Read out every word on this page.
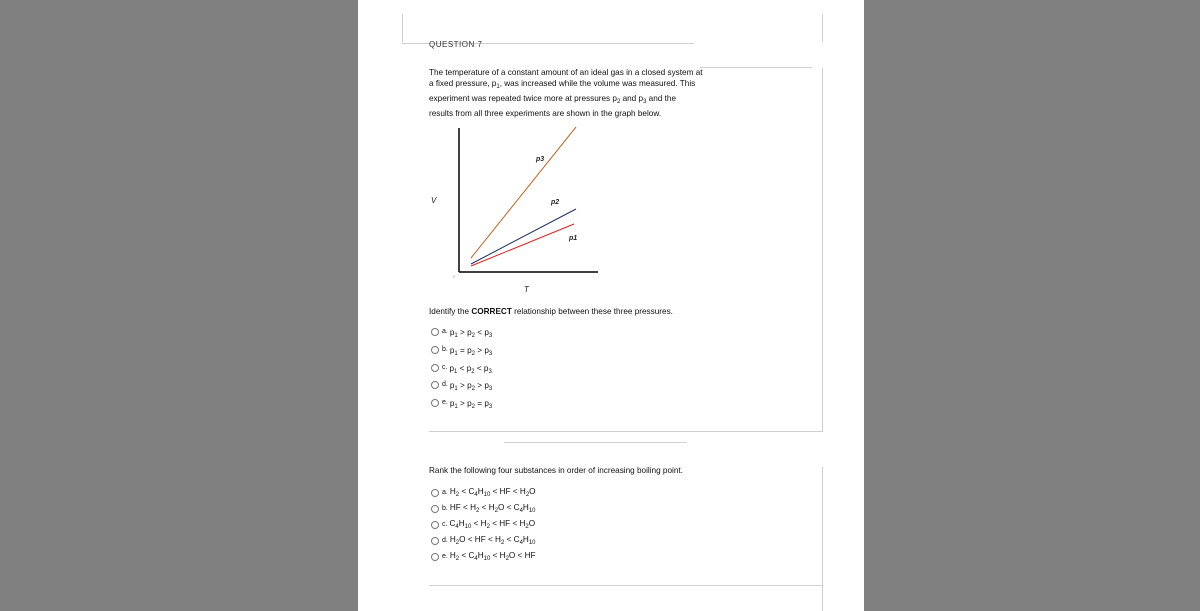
QUESTION 7
The temperature of a constant amount of an ideal gas in a closed system at
a fixed pressure, $p_1$, was increased while the volume was measured. This
experiment was repeated twice more at pressures $p_2$ and $p_3$ and the
results from all three experiments are shown in the graph below.
p3
p2
p1
V
T
0
Identify the CORRECT relationship between these three pressures.
a. $p_1 > p_2 < p_3$
b. $p_1 = p_2 > p_3$
c. $p_1 < p_2 < p_3$
d. $p_1 > p_2 > p_3$
e. $p_1 > p_2 = p_3$
Rank the following four substances in order of increasing boiling point.
a. $H_2 < C_4H_{10}$ < HF < $H_2O$
b. HF < $H_2 < H_2O < C_4H_{10}$
c. $C_4H_{10} < H_2$ < HF < $H_2O$
d. $H_2O$ < HF < $H_2 < C_4H_{10}$
e. $H_2 < C_4H_{10} < H_2O$ < HF
